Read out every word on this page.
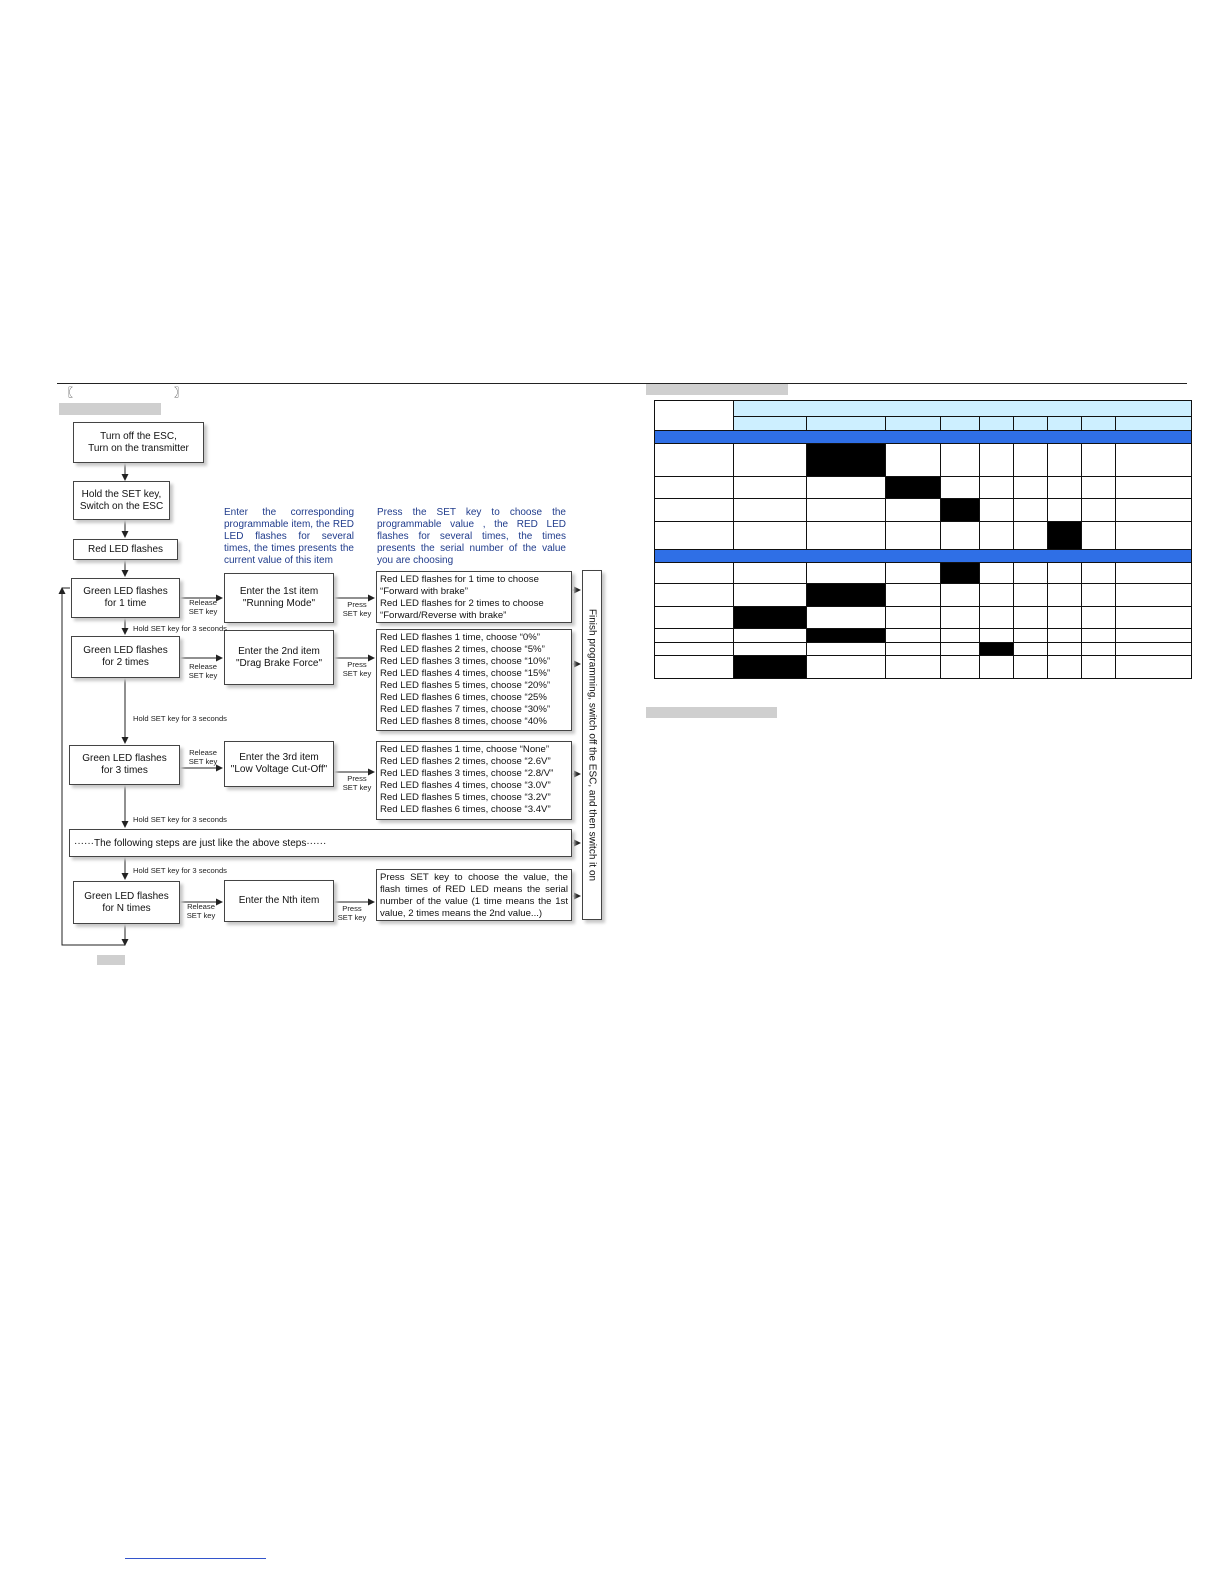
〖	〗
Turn off the ESC,
Turn on the transmitter
Hold the SET key,
Switch on the ESC
Red LED flashes
Green LED flashes
for 1 time
Green LED flashes
for 2 times
Green LED flashes
for 3 times
Green LED flashes
for N times
Enter the 1st item
"Running Mode"
Enter the 2nd item
"Drag Brake Force"
Enter the 3rd item
"Low Voltage Cut-Off"
Enter the Nth item
Red LED flashes for 1 time to choose
“Forward with brake”
Red LED flashes for 2 times to choose
“Forward/Reverse with brake”
Red LED flashes 1 time, choose “0%”
Red LED flashes 2 times, choose “5%”
Red LED flashes 3 times, choose “10%”
Red LED flashes 4 times, choose “15%”
Red LED flashes 5 times, choose “20%”
Red LED flashes 6 times, choose “25%
Red LED flashes 7 times, choose “30%”
Red LED flashes 8 times, choose “40%
Red LED flashes 1 time, choose “None”
Red LED flashes 2 times, choose “2.6V”
Red LED flashes 3 times, choose “2.8/V”
Red LED flashes 4 times, choose “3.0V”
Red LED flashes 5 times, choose “3.2V”
Red LED flashes 6 times, choose “3.4V”
Press SET key to choose the value, the flash times of RED LED means the serial number of the value (1 time means the 1st value, 2 times means the 2nd value...)
······The following steps are just like the above steps······	Finish programming, switch off the ESC, and then switch it on
Enter the corresponding programmable item, the RED LED flashes for several times, the times presents the current value of this item
Press the SET key to choose the programmable value , the RED LED flashes for several times, the times presents the serial number of the value you are choosing
Release
SET key
Release
SET key
Release
SET key
Release
SET key
Press
SET key
Press
SET key
Press
SET key
Press
SET key
Hold SET key for 3 seconds
Hold SET key for 3 seconds
Hold SET key for 3 seconds
Hold SET key for 3 seconds
